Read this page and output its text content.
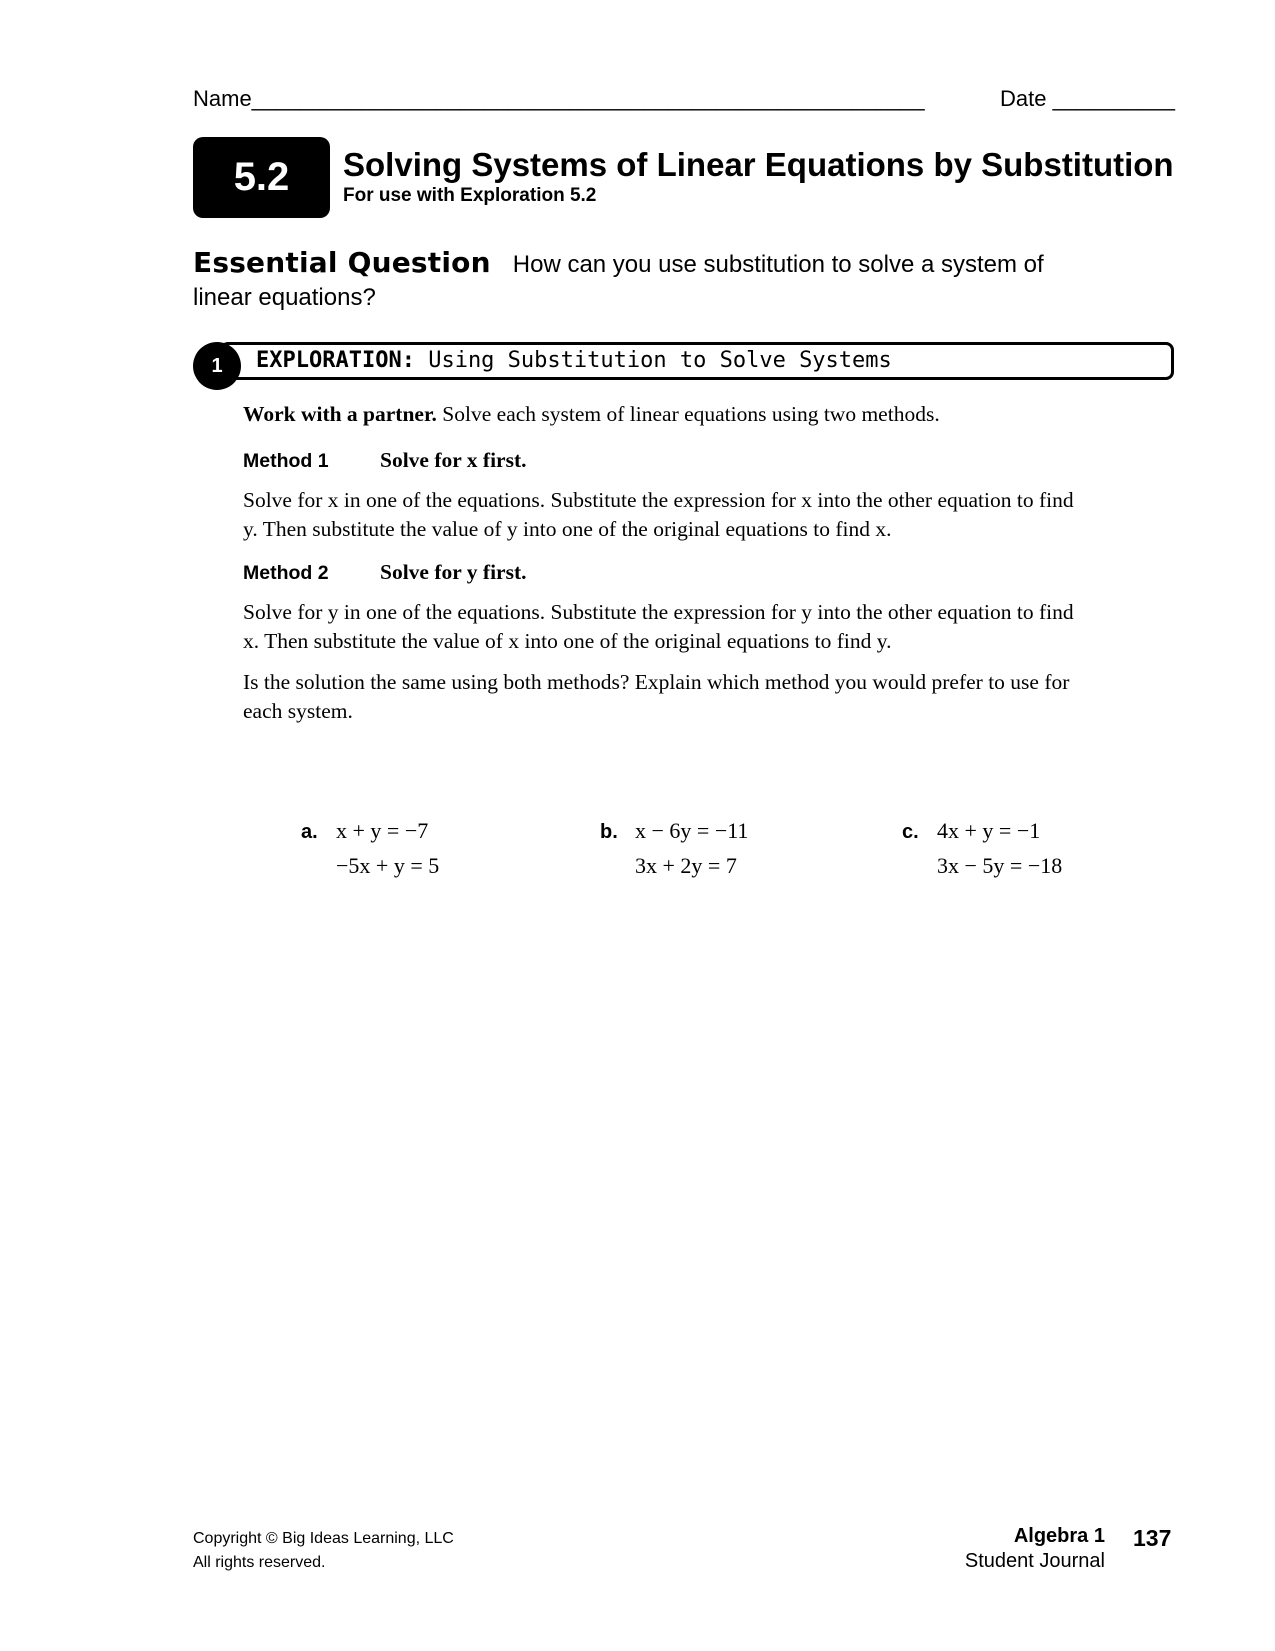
Name_______________________________________________________	Date __________
5.2	Solving Systems of Linear Equations by Substitution
For use with Exploration 5.2
Essential Question How can you use substitution to solve a system of linear equations?
1	EXPLORATION: Using Substitution to Solve Systems
Work with a partner. Solve each system of linear equations using two methods.
Method 1 Solve for x first.
Solve for x in one of the equations. Substitute the expression for x into the other equation to find y. Then substitute the value of y into one of the original equations to find x.
Method 2 Solve for y first.
Solve for y in one of the equations. Substitute the expression for y into the other equation to find x. Then substitute the value of x into one of the original equations to find y.
Is the solution the same using both methods? Explain which method you would prefer to use for each system.
a. x + y = −7
−5x + y = 5
b. x − 6y = −11
3x + 2y = 7
c. 4x + y = −1
3x − 5y = −18
Copyright © Big Ideas Learning, LLC
All rights reserved.
Algebra 1
Student Journal
137
